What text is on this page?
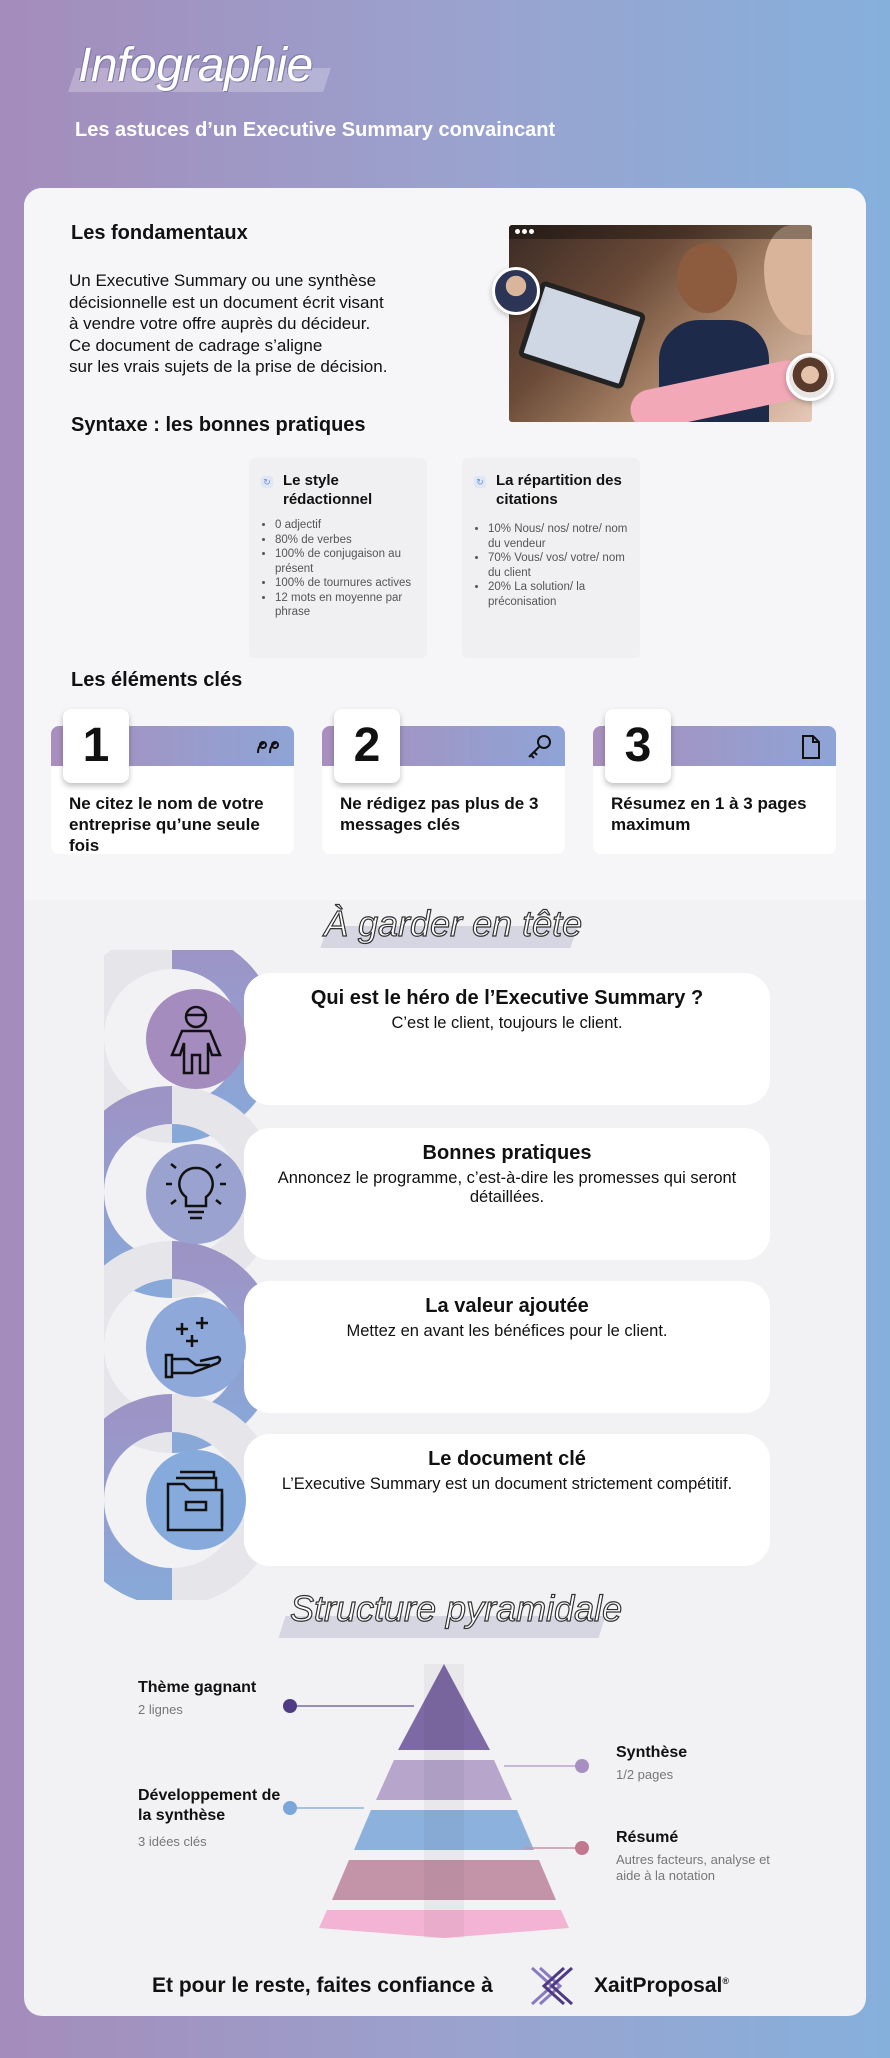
Infographie
Les astuces d’un Executive Summary convaincant
Les fondamentaux
Un Executive Summary ou une synthèse
décisionnelle est un document écrit visant
à vendre votre offre auprès du décideur.
Ce document de cadrage s’aligne
sur les vrais sujets de la prise de décision.
Syntaxe : les bonnes pratiques
↻ Le style rédactionnel
• 0 adjectif
• 80% de verbes
• 100% de conjugaison au présent
• 100% de tournures actives
• 12 mots en moyenne par phrase
↻ La répartition des citations
• 10% Nous/ nos/ notre/ nom du vendeur
• 70% Vous/ vos/ votre/ nom du client
• 20% La solution/ la préconisation
Les éléments clés
1
Ne citez le nom de votre entreprise qu’une seule fois
2
Ne rédigez pas plus de 3 messages clés
3
Résumez en 1 à 3 pages maximum
À garder en tête
Qui est le héro de l’Executive Summary ?
C’est le client, toujours le client.
Bonnes pratiques
Annoncez le programme, c’est-à-dire les promesses qui seront détaillées.
La valeur ajoutée
Mettez en avant les bénéfices pour le client.
Le document clé
L’Executive Summary est un document strictement compétitif.
Structure pyramidale
Thème gagnant
2 lignes
Synthèse
1/2 pages
Développement de la synthèse
3 idées clés	Résumé
Autres facteurs, analyse et aide à la notation
Et pour le reste, faites confiance à	XaitProposal®
